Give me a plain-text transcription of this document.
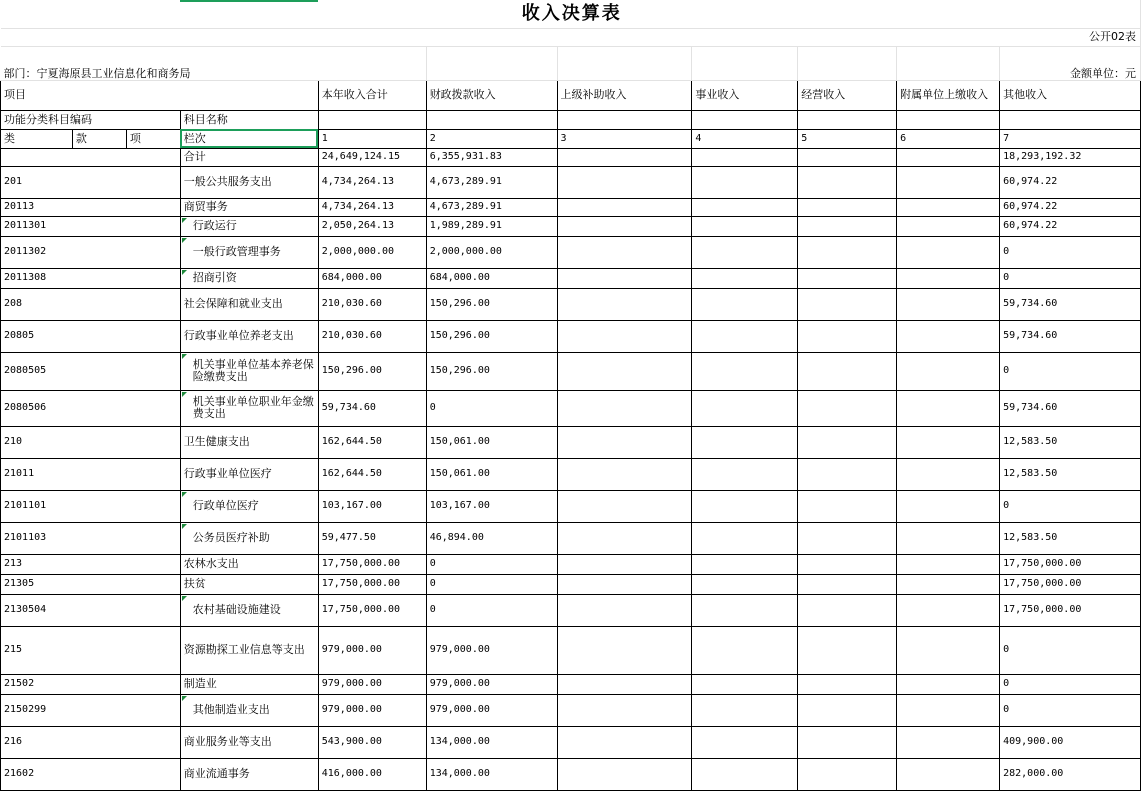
收入决算表										
公开02表										
部门：宁夏海原县工业信息化和商务局										金额单位：元
项目				本年收入合计	财政拨款收入	上级补助收入	事业收入	经营收入	附属单位上缴收入	其他收入
功能分类科目编码			科目名称							
类	款	项	栏次	1	2	3	4	5	6	7
			合计	24,649,124.15	6,355,931.83					18,293,192.32
201			一般公共服务支出	4,734,264.13	4,673,289.91					60,974.22
20113			商贸事务	4,734,264.13	4,673,289.91					60,974.22
2011301			行政运行	2,050,264.13	1,989,289.91					60,974.22
2011302			一般行政管理事务	2,000,000.00	2,000,000.00					0
2011308			招商引资	684,000.00	684,000.00					0
208			社会保障和就业支出	210,030.60	150,296.00					59,734.60
20805			行政事业单位养老支出	210,030.60	150,296.00					59,734.60
2080505			机关事业单位基本养老保险缴费支出	150,296.00	150,296.00					0
2080506			机关事业单位职业年金缴费支出	59,734.60	0					59,734.60
210			卫生健康支出	162,644.50	150,061.00					12,583.50
21011			行政事业单位医疗	162,644.50	150,061.00					12,583.50
2101101			行政单位医疗	103,167.00	103,167.00					0
2101103			公务员医疗补助	59,477.50	46,894.00					12,583.50
213			农林水支出	17,750,000.00	0					17,750,000.00
21305			扶贫	17,750,000.00	0					17,750,000.00
2130504			农村基础设施建设	17,750,000.00	0					17,750,000.00
215			资源勘探工业信息等支出	979,000.00	979,000.00					0
21502			制造业	979,000.00	979,000.00					0
2150299			其他制造业支出	979,000.00	979,000.00					0
216			商业服务业等支出	543,900.00	134,000.00					409,900.00
21602			商业流通事务	416,000.00	134,000.00					282,000.00
